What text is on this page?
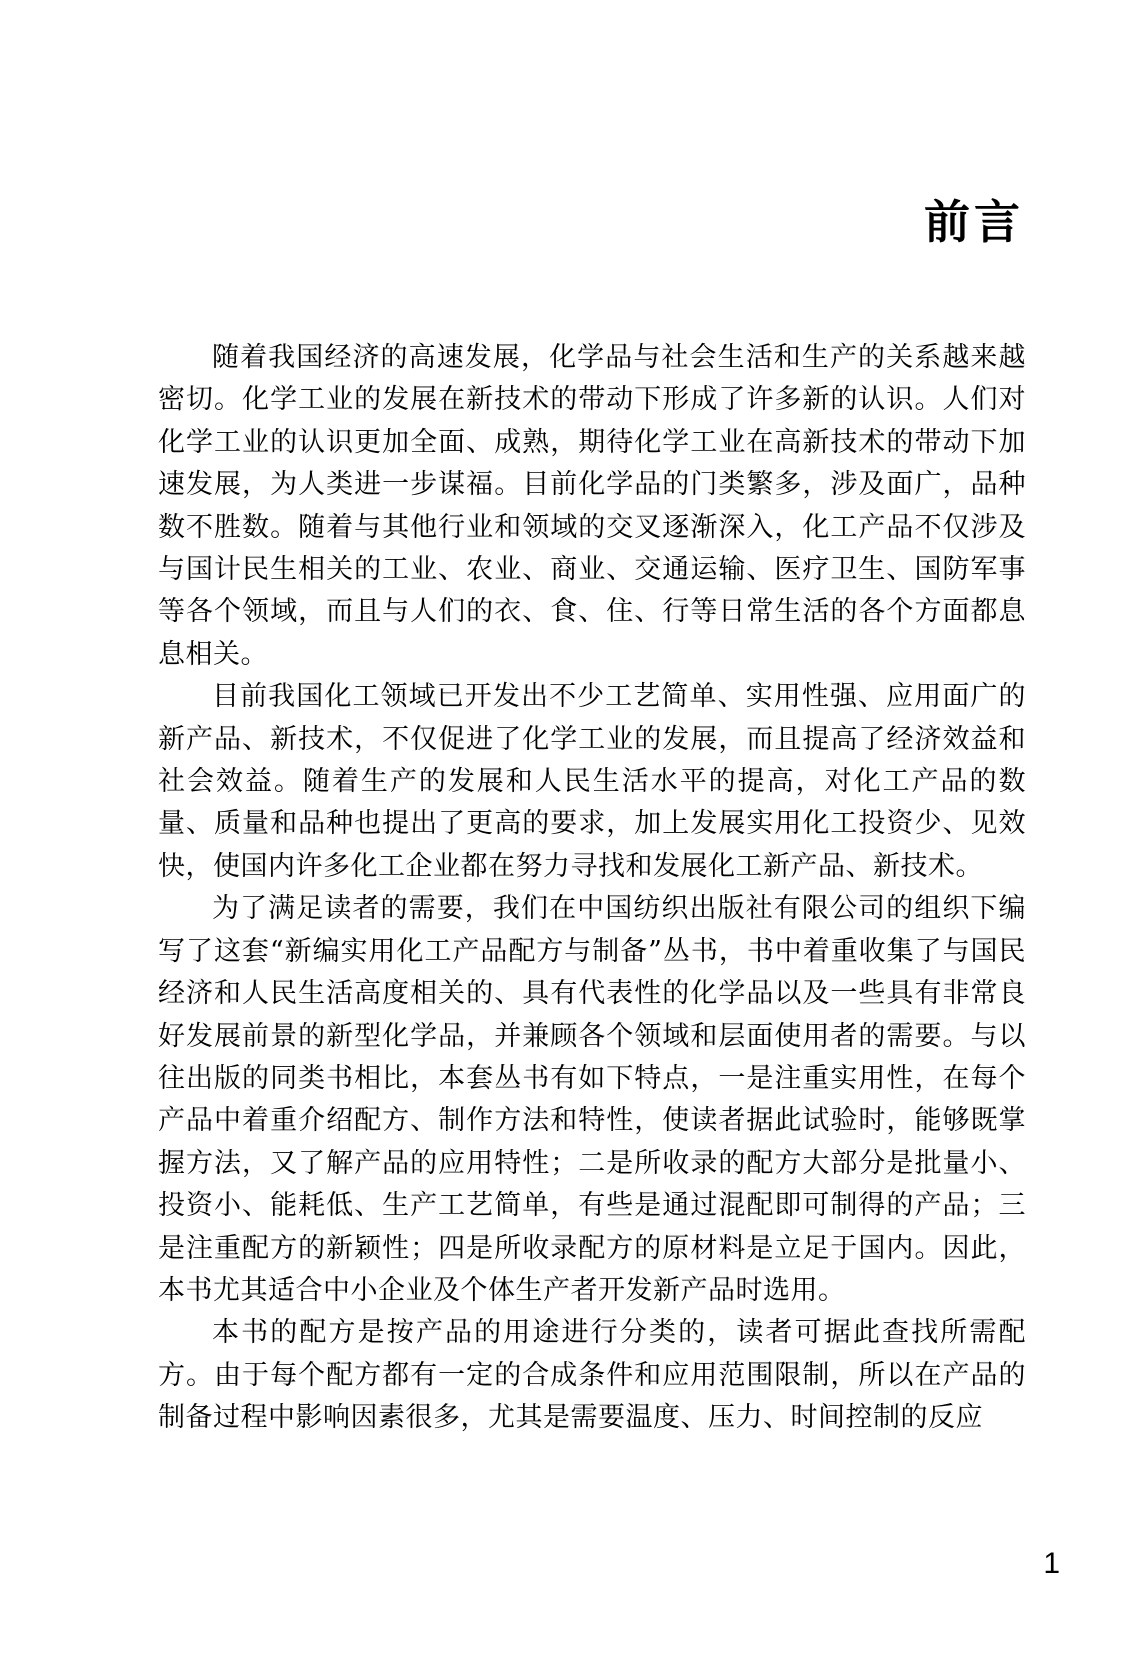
前言

随着我国经济的高速发展，化学品与社会生活和生产的关系越来越密切。化学工业的发展在新技术的带动下形成了许多新的认识。人们对化学工业的认识更加全面、成熟，期待化学工业在高新技术的带动下加速发展，为人类进一步谋福。目前化学品的门类繁多，涉及面广，品种数不胜数。随着与其他行业和领域的交叉逐渐深入，化工产品不仅涉及与国计民生相关的工业、农业、商业、交通运输、医疗卫生、国防军事等各个领域，而且与人们的衣、食、住、行等日常生活的各个方面都息息相关。

目前我国化工领域已开发出不少工艺简单、实用性强、应用面广的新产品、新技术，不仅促进了化学工业的发展，而且提高了经济效益和社会效益。随着生产的发展和人民生活水平的提高，对化工产品的数量、质量和品种也提出了更高的要求，加上发展实用化工投资少、见效快，使国内许多化工企业都在努力寻找和发展化工新产品、新技术。

为了满足读者的需要，我们在中国纺织出版社有限公司的组织下编写了这套“新编实用化工产品配方与制备”丛书，书中着重收集了与国民经济和人民生活高度相关的、具有代表性的化学品以及一些具有非常良好发展前景的新型化学品，并兼顾各个领域和层面使用者的需要。与以往出版的同类书相比，本套丛书有如下特点，一是注重实用性，在每个产品中着重介绍配方、制作方法和特性，使读者据此试验时，能够既掌握方法，又了解产品的应用特性；二是所收录的配方大部分是批量小、投资小、能耗低、生产工艺简单，有些是通过混配即可制得的产品；三是注重配方的新颖性；四是所收录配方的原材料是立足于国内。因此，本书尤其适合中小企业及个体生产者开发新产品时选用。

本书的配方是按产品的用途进行分类的，读者可据此查找所需配方。由于每个配方都有一定的合成条件和应用范围限制，所以在产品的制备过程中影响因素很多，尤其是需要温度、压力、时间控制的反应

1
